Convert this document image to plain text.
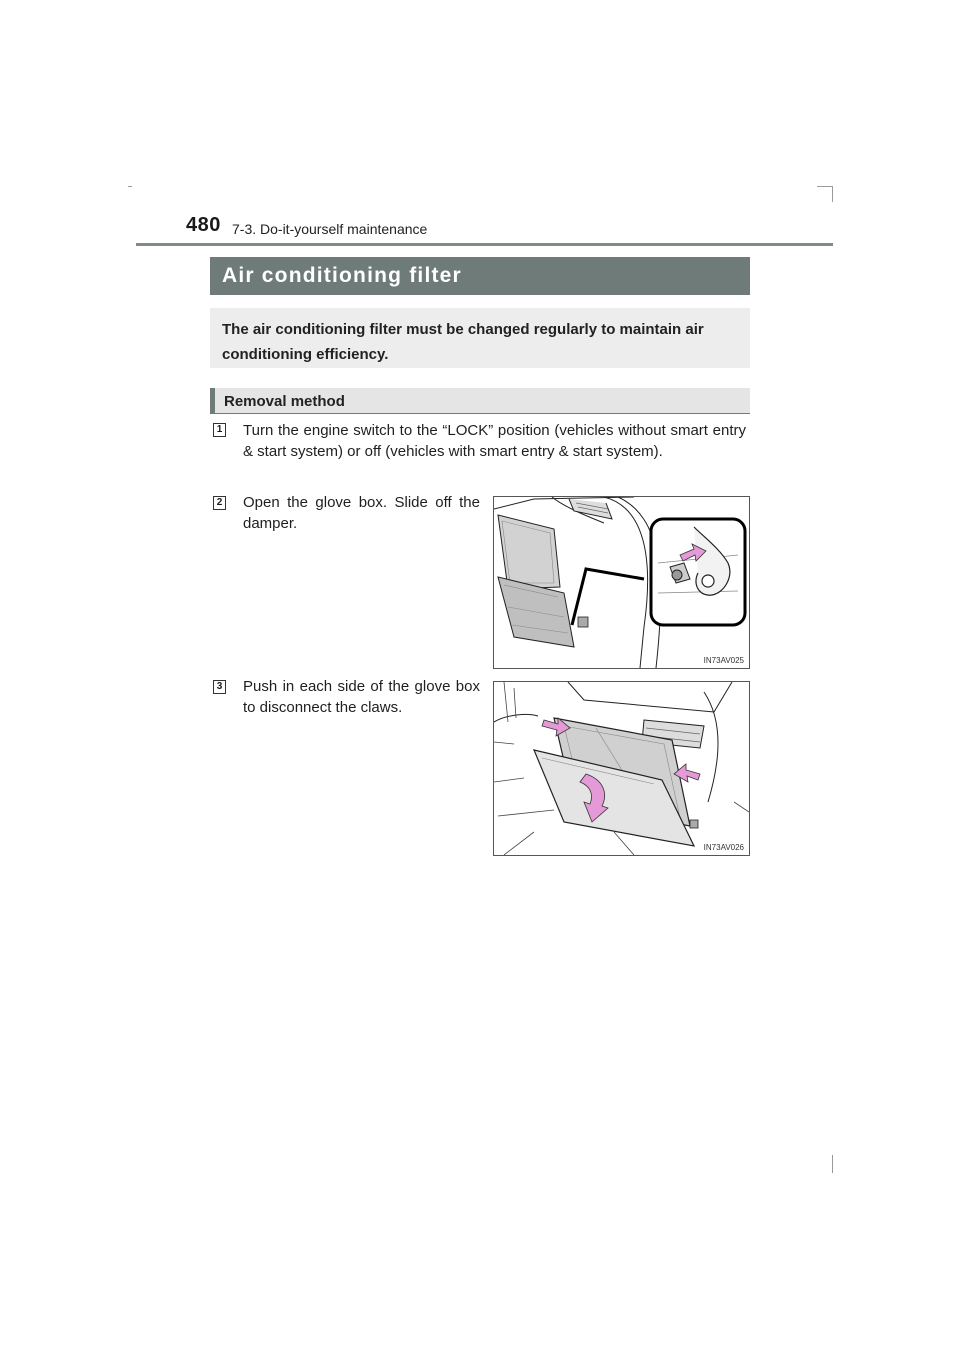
480 7-3. Do-it-yourself maintenance
Air conditioning filter
The air conditioning filter must be changed regularly to maintain air conditioning efficiency.
Removal method
1 Turn the engine switch to the “LOCK” position (vehicles without smart entry & start system) or off (vehicles with smart entry & start system).
2 Open the glove box. Slide off the damper.
IN73AV025
3 Push in each side of the glove box to disconnect the claws.
IN73AV026
